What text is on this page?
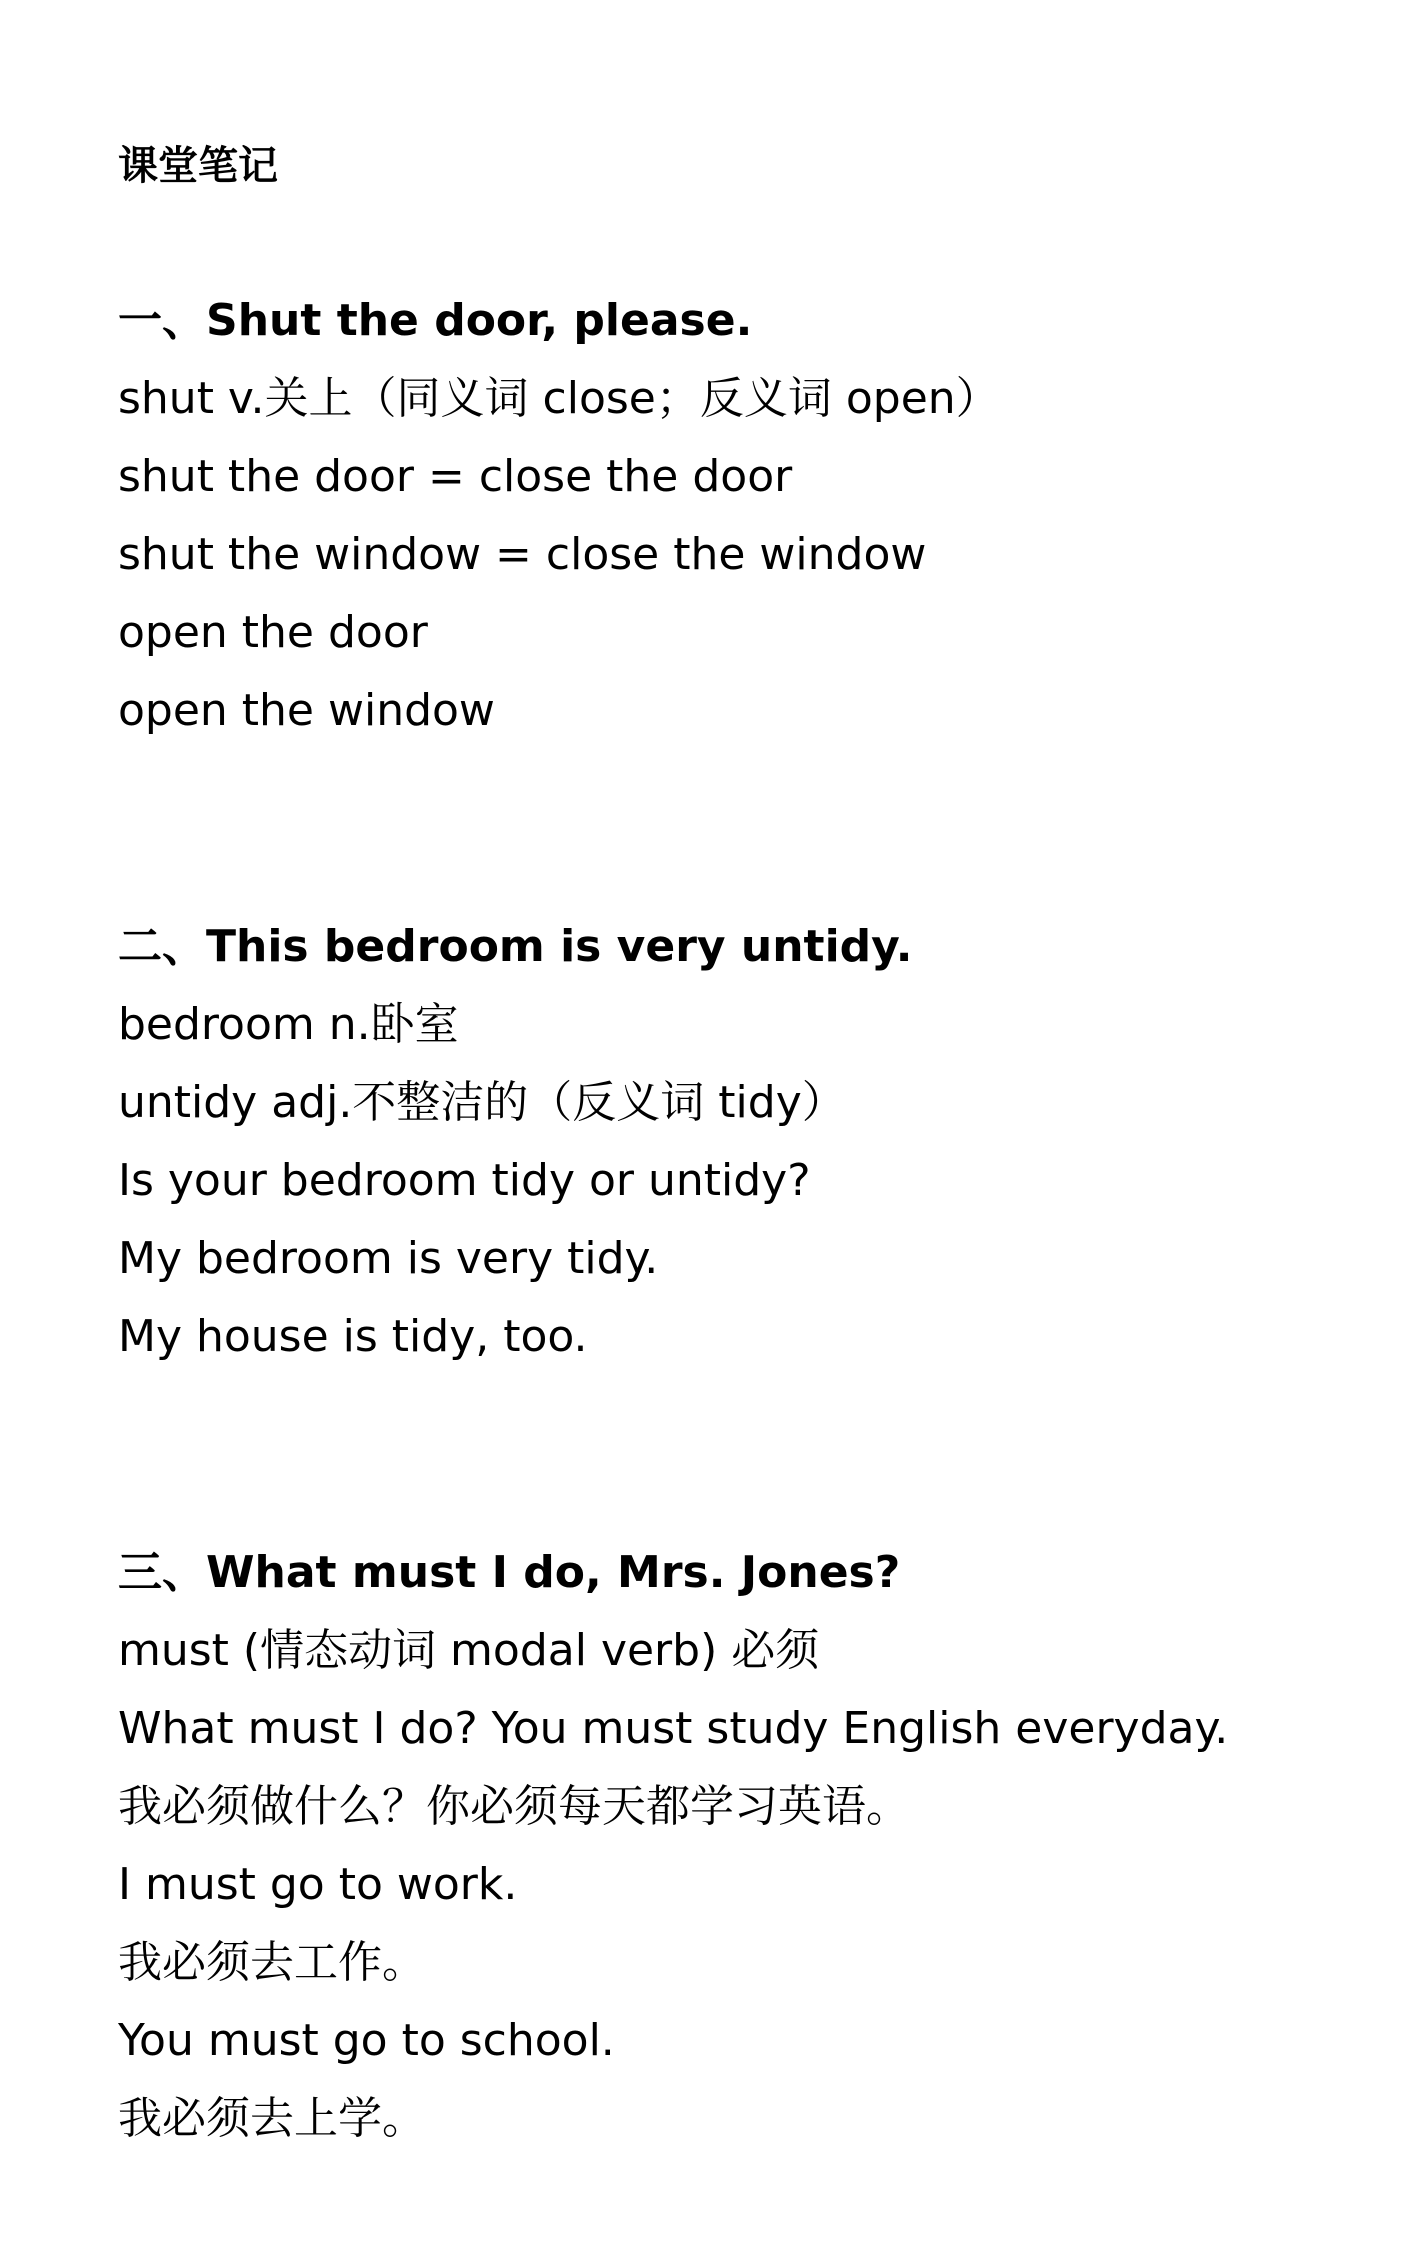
课堂笔记
一、Shut the door, please.
shut v.关上（同义词 close；反义词 open）
shut the door = close the door
shut the window = close the window
open the door
open the window
二、This bedroom is very untidy.
bedroom n.卧室
untidy adj.不整洁的（反义词 tidy）
Is your bedroom tidy or untidy?
My bedroom is very tidy.
My house is tidy, too.
三、What must I do, Mrs. Jones?
must (情态动词 modal verb) 必须
What must I do? You must study English everyday.
我必须做什么？你必须每天都学习英语。
I must go to work.
我必须去工作。
You must go to school.
我必须去上学。
